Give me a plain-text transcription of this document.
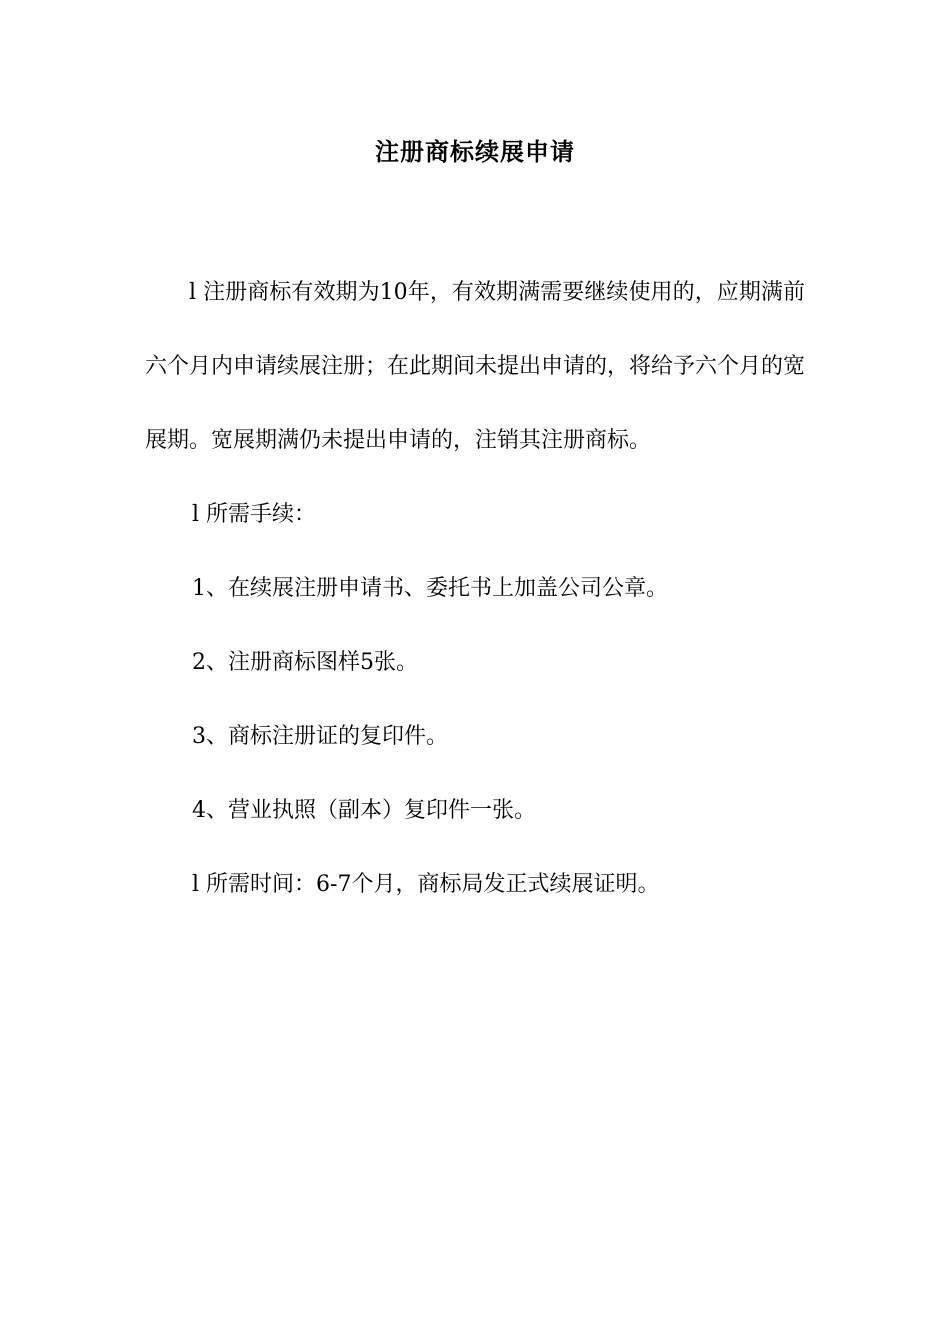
注册商标续展申请

l 注册商标有效期为10年，有效期满需要继续使用的，应期满前六个月内申请续展注册；在此期间未提出申请的，将给予六个月的宽展期。宽展期满仍未提出申请的，注销其注册商标。

l 所需手续：

1、在续展注册申请书、委托书上加盖公司公章。

2、注册商标图样5张。

3、商标注册证的复印件。

4、营业执照（副本）复印件一张。

l 所需时间：6-7个月，商标局发正式续展证明。
